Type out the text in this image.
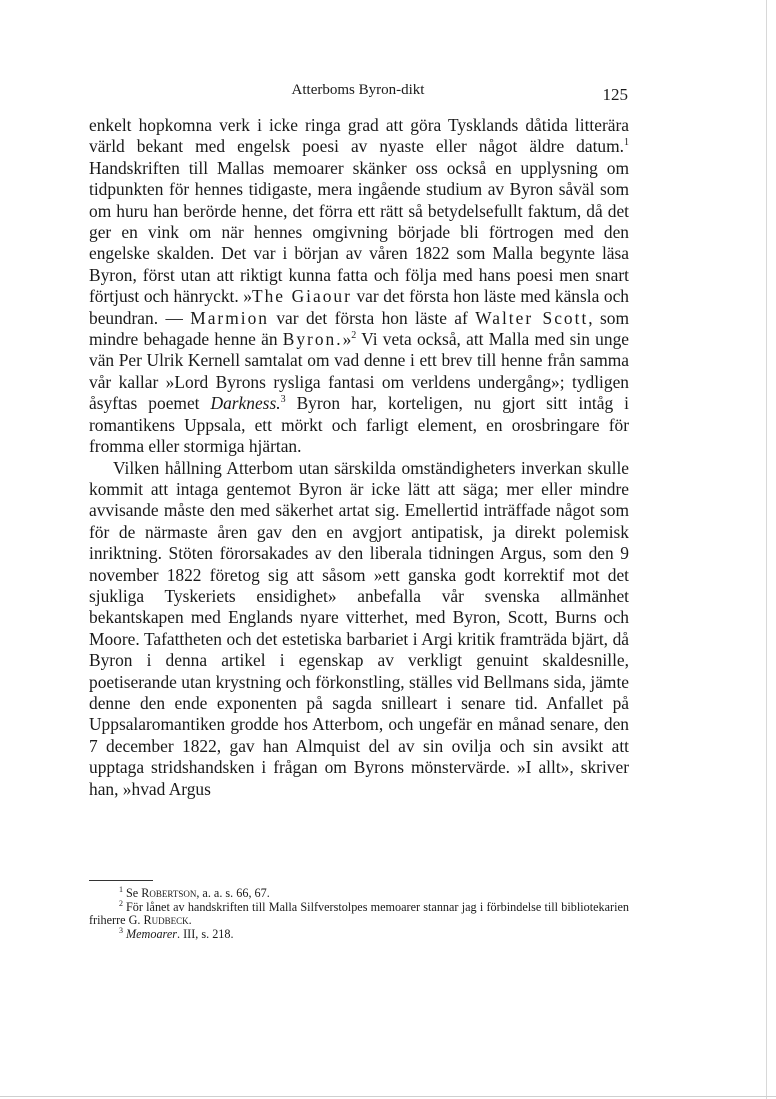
Atterboms Byron-dikt	125

enkelt hopkomna verk i icke ringa grad att göra Tysklands dåtida litterära värld bekant med engelsk poesi av nyaste eller något äldre datum.$^1$ Handskriften till Mallas memoarer skänker oss också en upplysning om tidpunkten för hennes tidigaste, mera ingående studium av Byron såväl som om huru han berörde henne, det förra ett rätt så betydelsefullt faktum, då det ger en vink om när hennes omgivning började bli förtrogen med den engelske skalden. Det var i början av våren 1822 som Malla begynte läsa Byron, först utan att riktigt kunna fatta och följa med hans poesi men snart förtjust och hänryckt. »The Giaour var det första hon läste med känsla och beundran. — Marmion var det första hon läste af Walter Scott, som mindre behagade henne än Byron.»$^2$ Vi veta också, att Malla med sin unge vän Per Ulrik Kernell samtalat om vad denne i ett brev till henne från samma vår kallar »Lord Byrons rysliga fantasi om verldens undergång»; tydligen åsyftas poemet Darkness.$^3$ Byron har, korteligen, nu gjort sitt intåg i romantikens Uppsala, ett mörkt och farligt element, en orosbringare för fromma eller stormiga hjärtan.

Vilken hållning Atterbom utan särskilda omständigheters inverkan skulle kommit att intaga gentemot Byron är icke lätt att säga; mer eller mindre avvisande måste den med säkerhet artat sig. Emellertid inträffade något som för de närmaste åren gav den en avgjort antipatisk, ja direkt polemisk inriktning. Stöten förorsakades av den liberala tidningen Argus, som den 9 november 1822 företog sig att såsom »ett ganska godt korrektif mot det sjukliga Tyskeriets ensidighet» anbefalla vår svenska allmänhet bekantskapen med Englands nyare vitterhet, med Byron, Scott, Burns och Moore. Tafattheten och det estetiska barbariet i Argi kritik framträda bjärt, då Byron i denna artikel i egenskap av verkligt genuint skaldesnille, poetiserande utan krystning och förkonstling, ställes vid Bellmans sida, jämte denne den ende exponenten på sagda snilleart i senare tid. Anfallet på Uppsalaromantiken grodde hos Atterbom, och ungefär en månad senare, den 7 december 1822, gav han Almquist del av sin ovilja och sin avsikt att upptaga stridshandsken i frågan om Byrons mönstervärde. »I allt», skriver han, »hvad Argus

$^1$ Se Robertson, a. a. s. 66, 67.

$^2$ För lånet av handskriften till Malla Silfverstolpes memoarer stannar jag i förbindelse till bibliotekarien friherre G. Rudbeck.

$^3$ Memoarer. III, s. 218.
